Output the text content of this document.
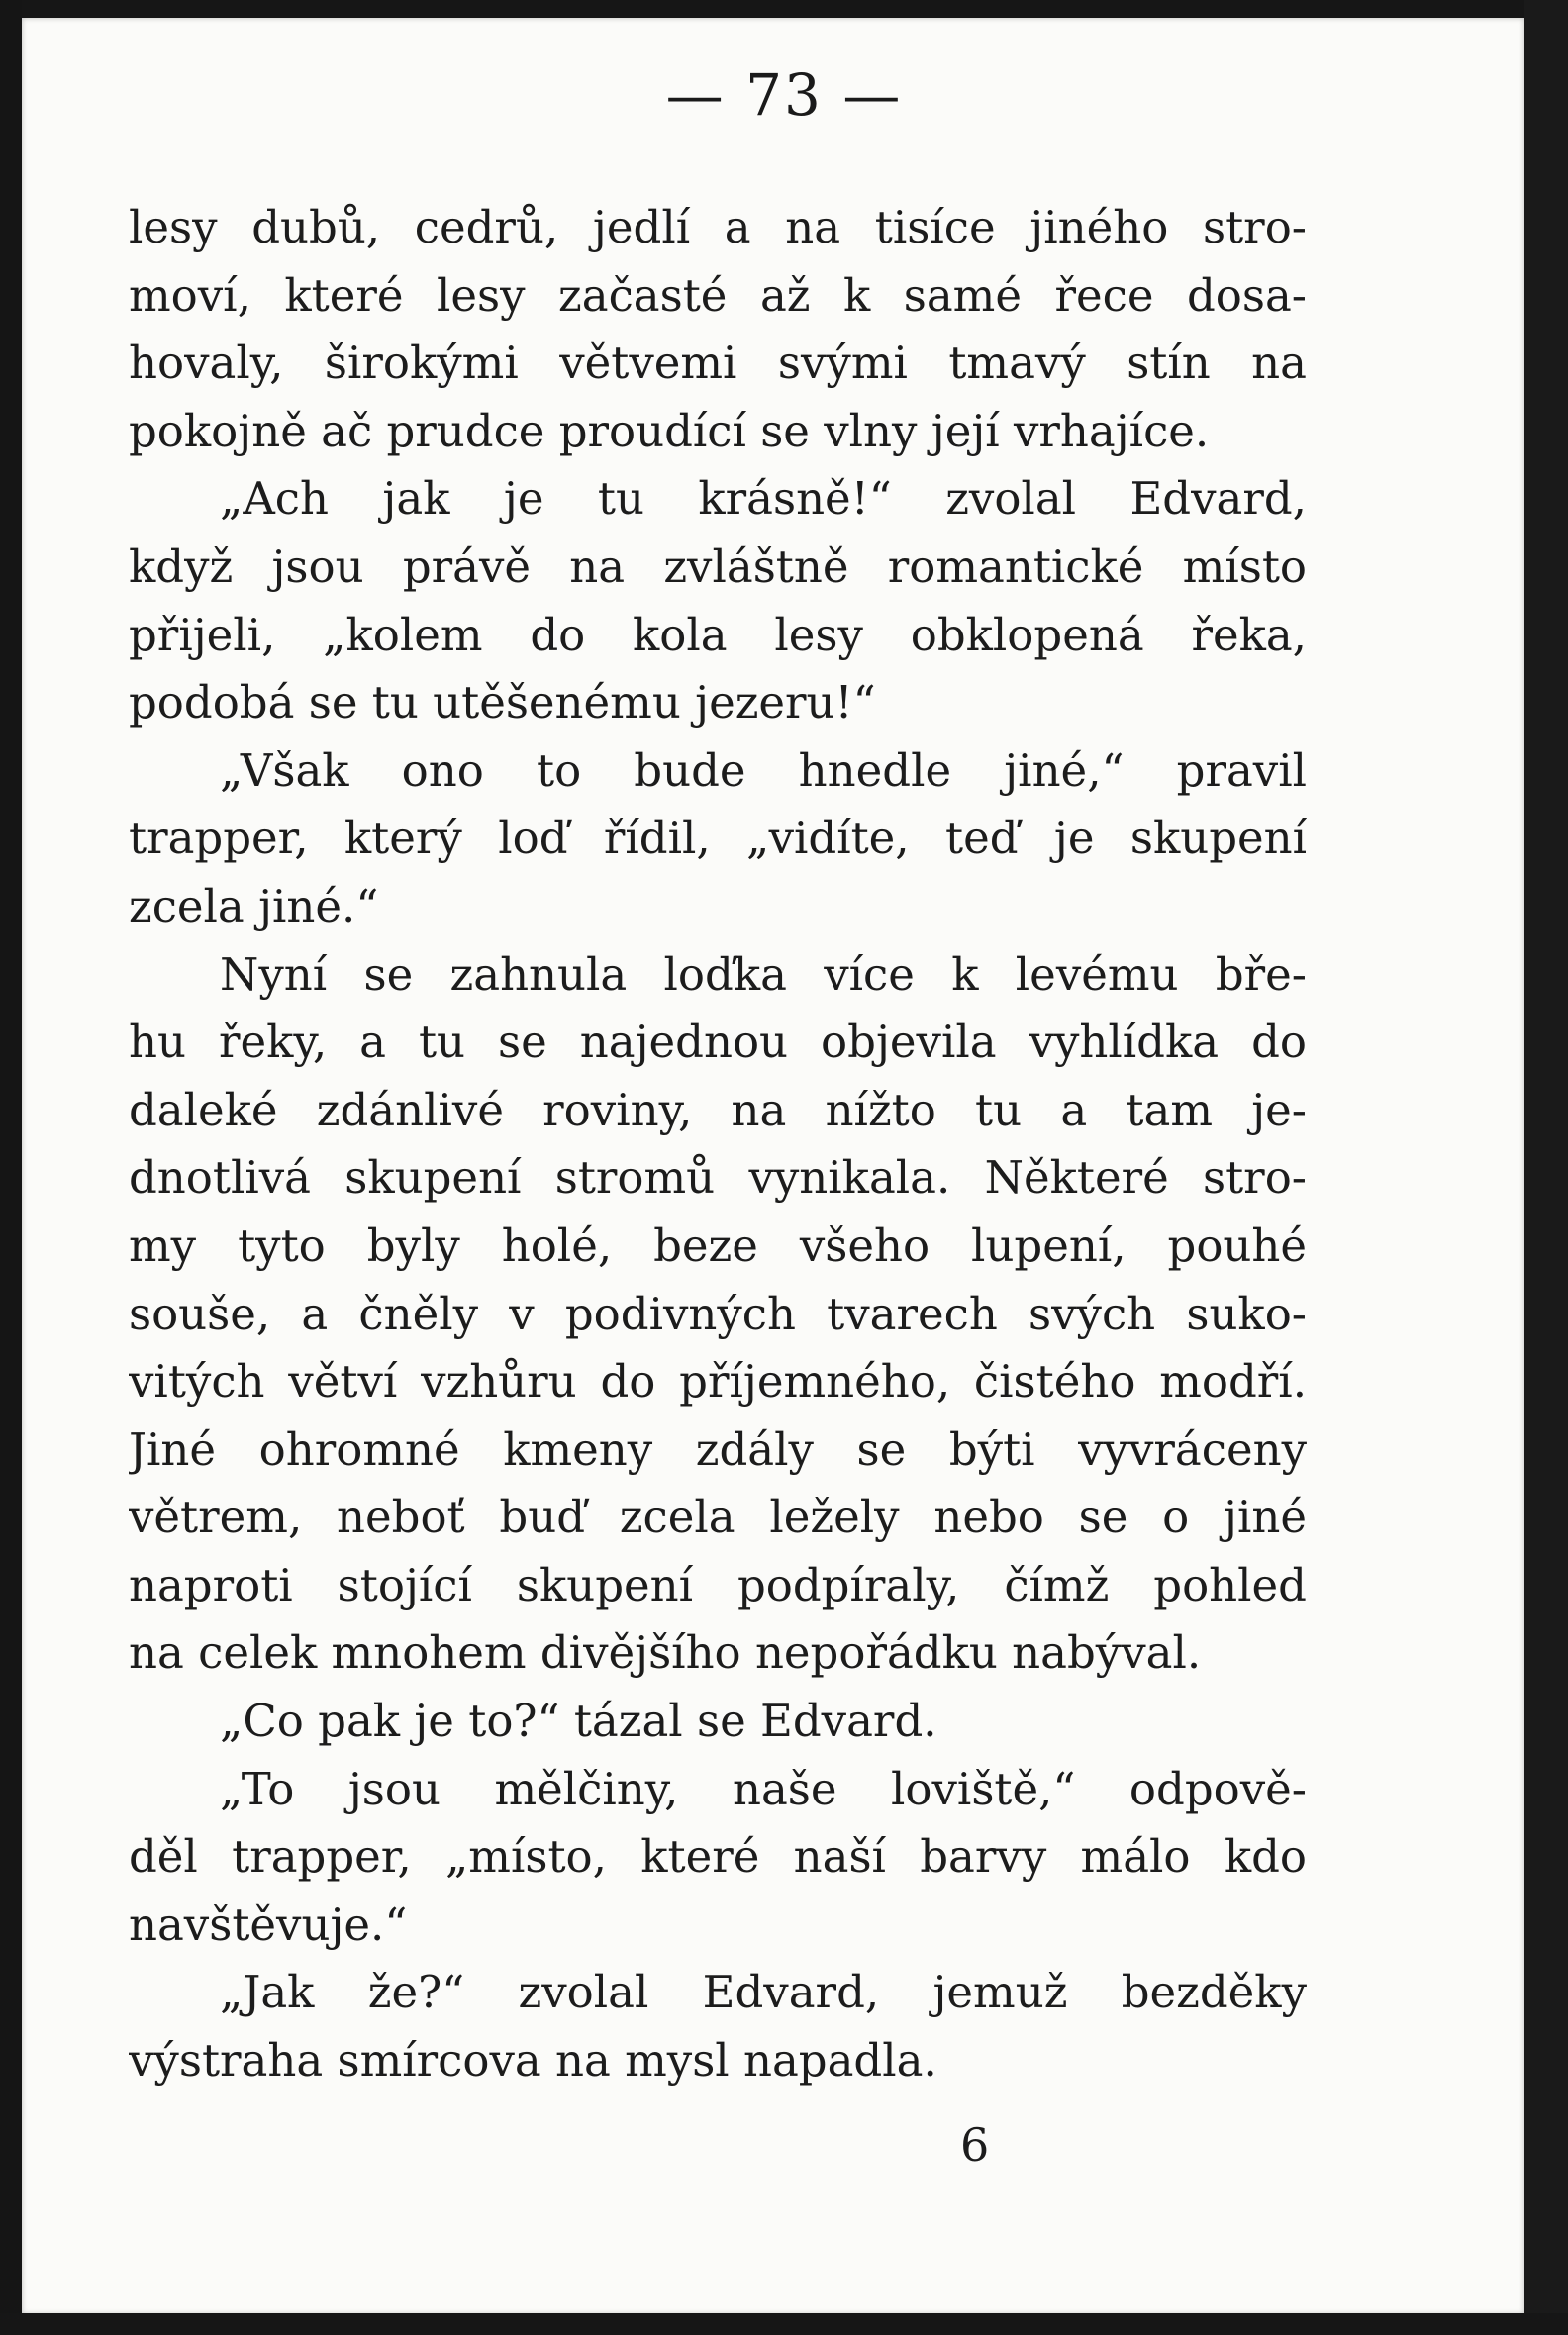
— 73 —
lesy dubů, cedrů, jedlí a na tisíce jiného stro-
moví, které lesy začasté až k samé řece dosa-
hovaly, širokými větvemi svými tmavý stín na
pokojně ač prudce proudící se vlny její vrhajíce.
„Ach jak je tu krásně!“ zvolal Edvard,
když jsou právě na zvláštně romantické místo
přijeli, „kolem do kola lesy obklopená řeka,
podobá se tu utěšenému jezeru!“
„Však ono to bude hnedle jiné,“ pravil
trapper, který loď řídil, „vidíte, teď je skupení
zcela jiné.“
Nyní se zahnula loďka více k levému bře-
hu řeky, a tu se najednou objevila vyhlídka do
daleké zdánlivé roviny, na nížto tu a tam je-
dnotlivá skupení stromů vynikala. Některé stro-
my tyto byly holé, beze všeho lupení, pouhé
souše, a čněly v podivných tvarech svých suko-
vitých větví vzhůru do příjemného, čistého modří.
Jiné ohromné kmeny zdály se býti vyvráceny
větrem, neboť buď zcela ležely nebo se o jiné
naproti stojící skupení podpíraly, čímž pohled
na celek mnohem divějšího nepořádku nabýval.
„Co pak je to?“ tázal se Edvard.
„To jsou mělčiny, naše loviště,“ odpově-
děl trapper, „místo, které naší barvy málo kdo
navštěvuje.“
„Jak že?“ zvolal Edvard, jemuž bezděky
výstraha smírcova na mysl napadla.
6
